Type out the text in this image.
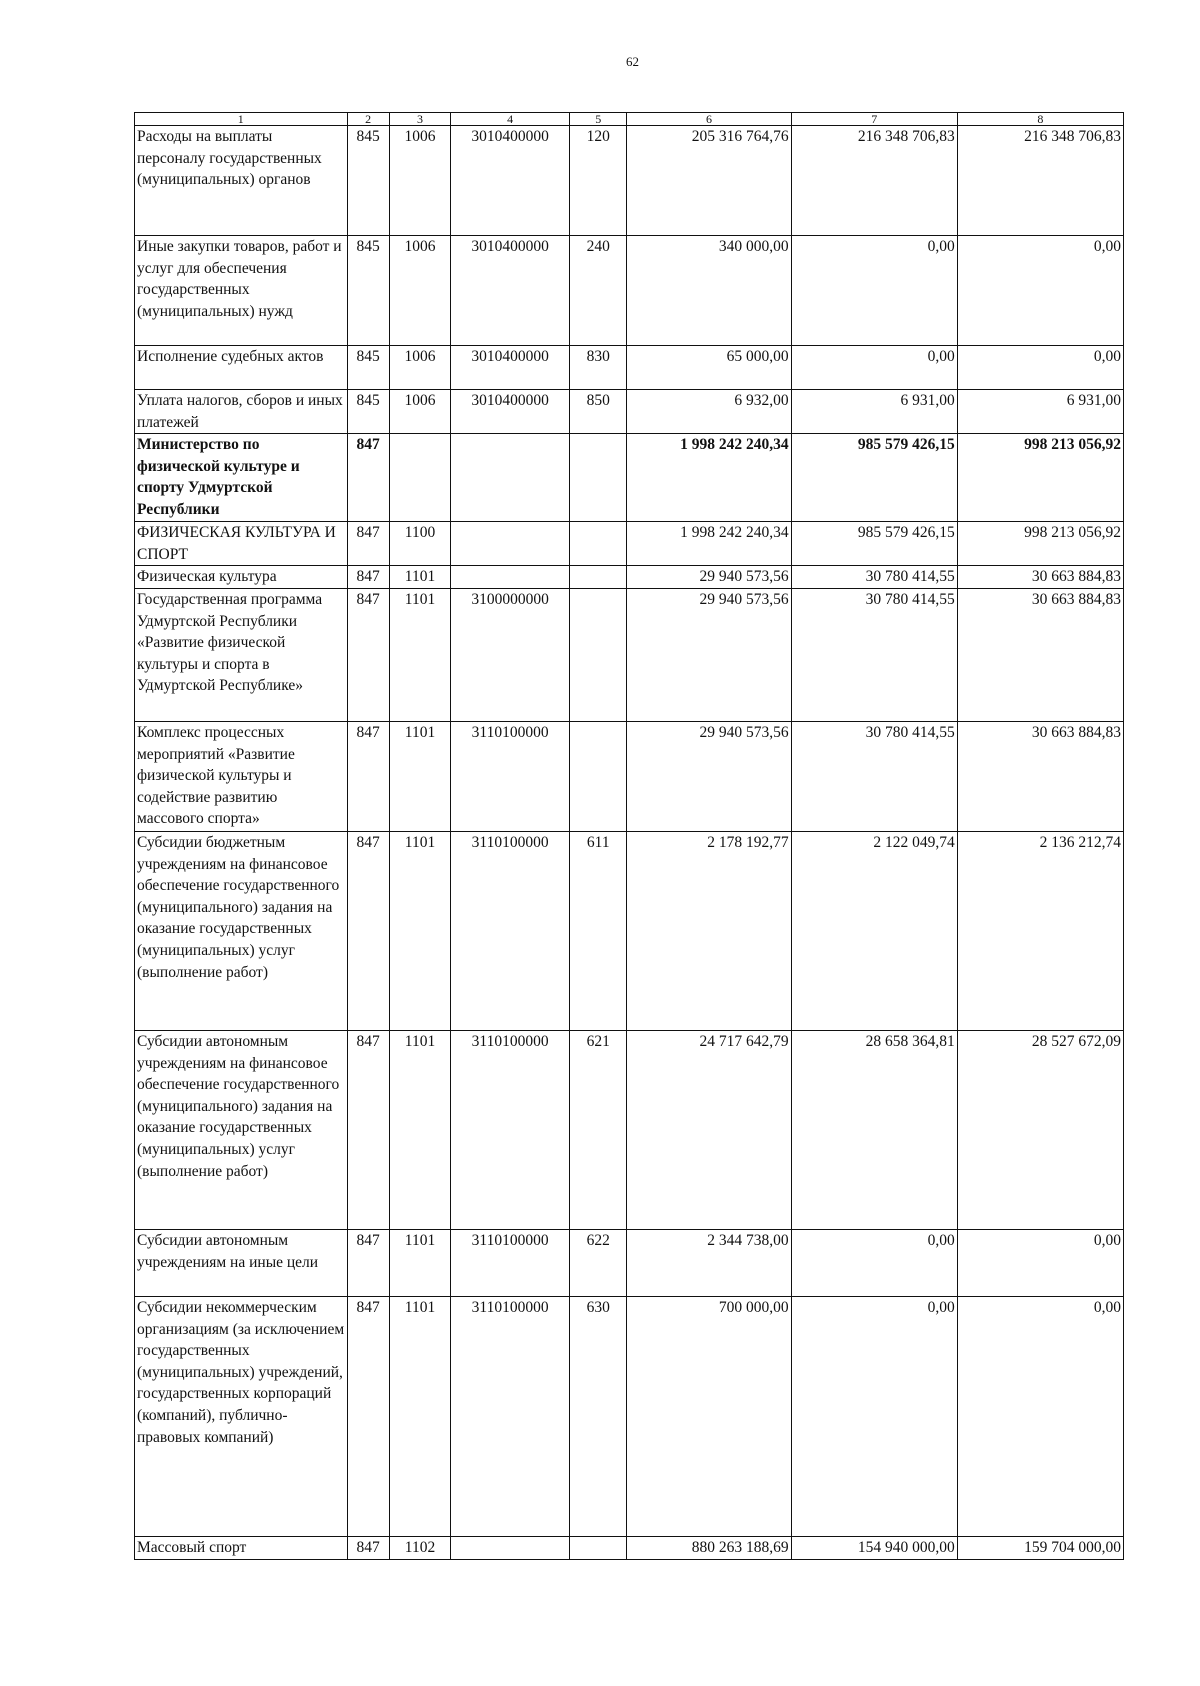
62
1	2	3	4	5	6	7	8
Расходы на выплаты персоналу государственных (муниципальных) органов	845	1006	3010400000	120	205 316 764,76	216 348 706,83	216 348 706,83
Иные закупки товаров, работ и услуг для обеспечения государственных (муниципальных) нужд	845	1006	3010400000	240	340 000,00	0,00	0,00
Исполнение судебных актов	845	1006	3010400000	830	65 000,00	0,00	0,00
Уплата налогов, сборов и иных платежей	845	1006	3010400000	850	6 932,00	6 931,00	6 931,00
Министерство по физической культуре и спорту Удмуртской Республики	847				1 998 242 240,34	985 579 426,15	998 213 056,92
ФИЗИЧЕСКАЯ КУЛЬТУРА И СПОРТ	847	1100			1 998 242 240,34	985 579 426,15	998 213 056,92
Физическая культура	847	1101			29 940 573,56	30 780 414,55	30 663 884,83
Государственная программа Удмуртской Республики «Развитие физической культуры и спорта в Удмуртской Республике»	847	1101	3100000000		29 940 573,56	30 780 414,55	30 663 884,83
Комплекс процессных мероприятий «Развитие физической культуры и содействие развитию массового спорта»	847	1101	3110100000		29 940 573,56	30 780 414,55	30 663 884,83
Субсидии бюджетным учреждениям на финансовое обеспечение государственного (муниципального) задания на оказание государственных (муниципальных) услуг (выполнение работ)	847	1101	3110100000	611	2 178 192,77	2 122 049,74	2 136 212,74
Субсидии автономным учреждениям на финансовое обеспечение государственного (муниципального) задания на оказание государственных (муниципальных) услуг (выполнение работ)	847	1101	3110100000	621	24 717 642,79	28 658 364,81	28 527 672,09
Субсидии автономным учреждениям на иные цели	847	1101	3110100000	622	2 344 738,00	0,00	0,00
Субсидии некоммерческим организациям (за исключением государственных (муниципальных) учреждений, государственных корпораций (компаний), публично-правовых компаний)	847	1101	3110100000	630	700 000,00	0,00	0,00
Массовый спорт	847	1102			880 263 188,69	154 940 000,00	159 704 000,00
